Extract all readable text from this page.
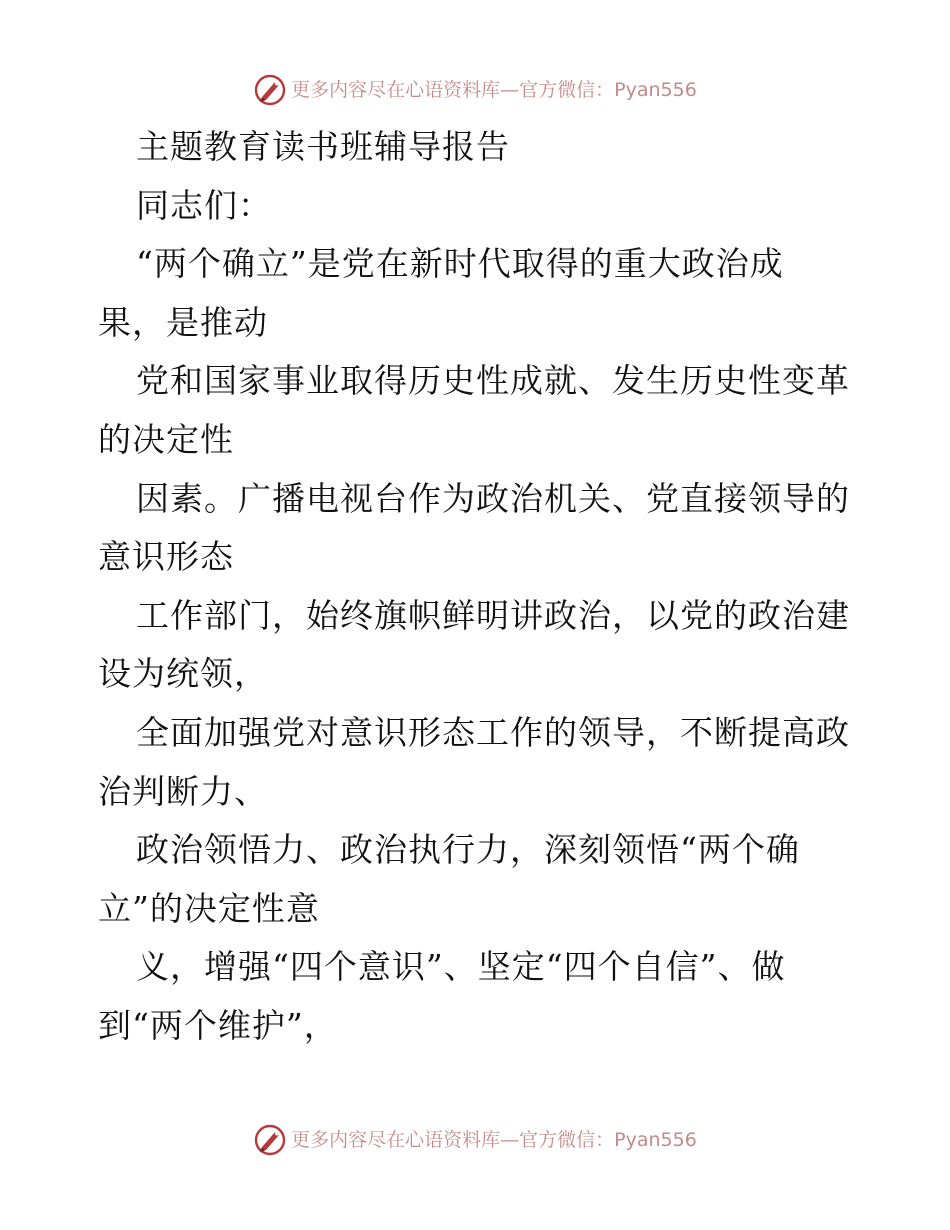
更多内容尽在心语资料库—官方微信：Pyan556
主题教育读书班辅导报告
同志们：
“两个确立”是党在新时代取得的重大政治成
果，是推动
党和国家事业取得历史性成就、发生历史性变革
的决定性
因素。广播电视台作为政治机关、党直接领导的
意识形态
工作部门，始终旗帜鲜明讲政治，以党的政治建
设为统领，
全面加强党对意识形态工作的领导，不断提高政
治判断力、
政治领悟力、政治执行力，深刻领悟“两个确
立”的决定性意
义，增强“四个意识”、坚定“四个自信”、做
到“两个维护”，
更多内容尽在心语资料库—官方微信：Pyan556
